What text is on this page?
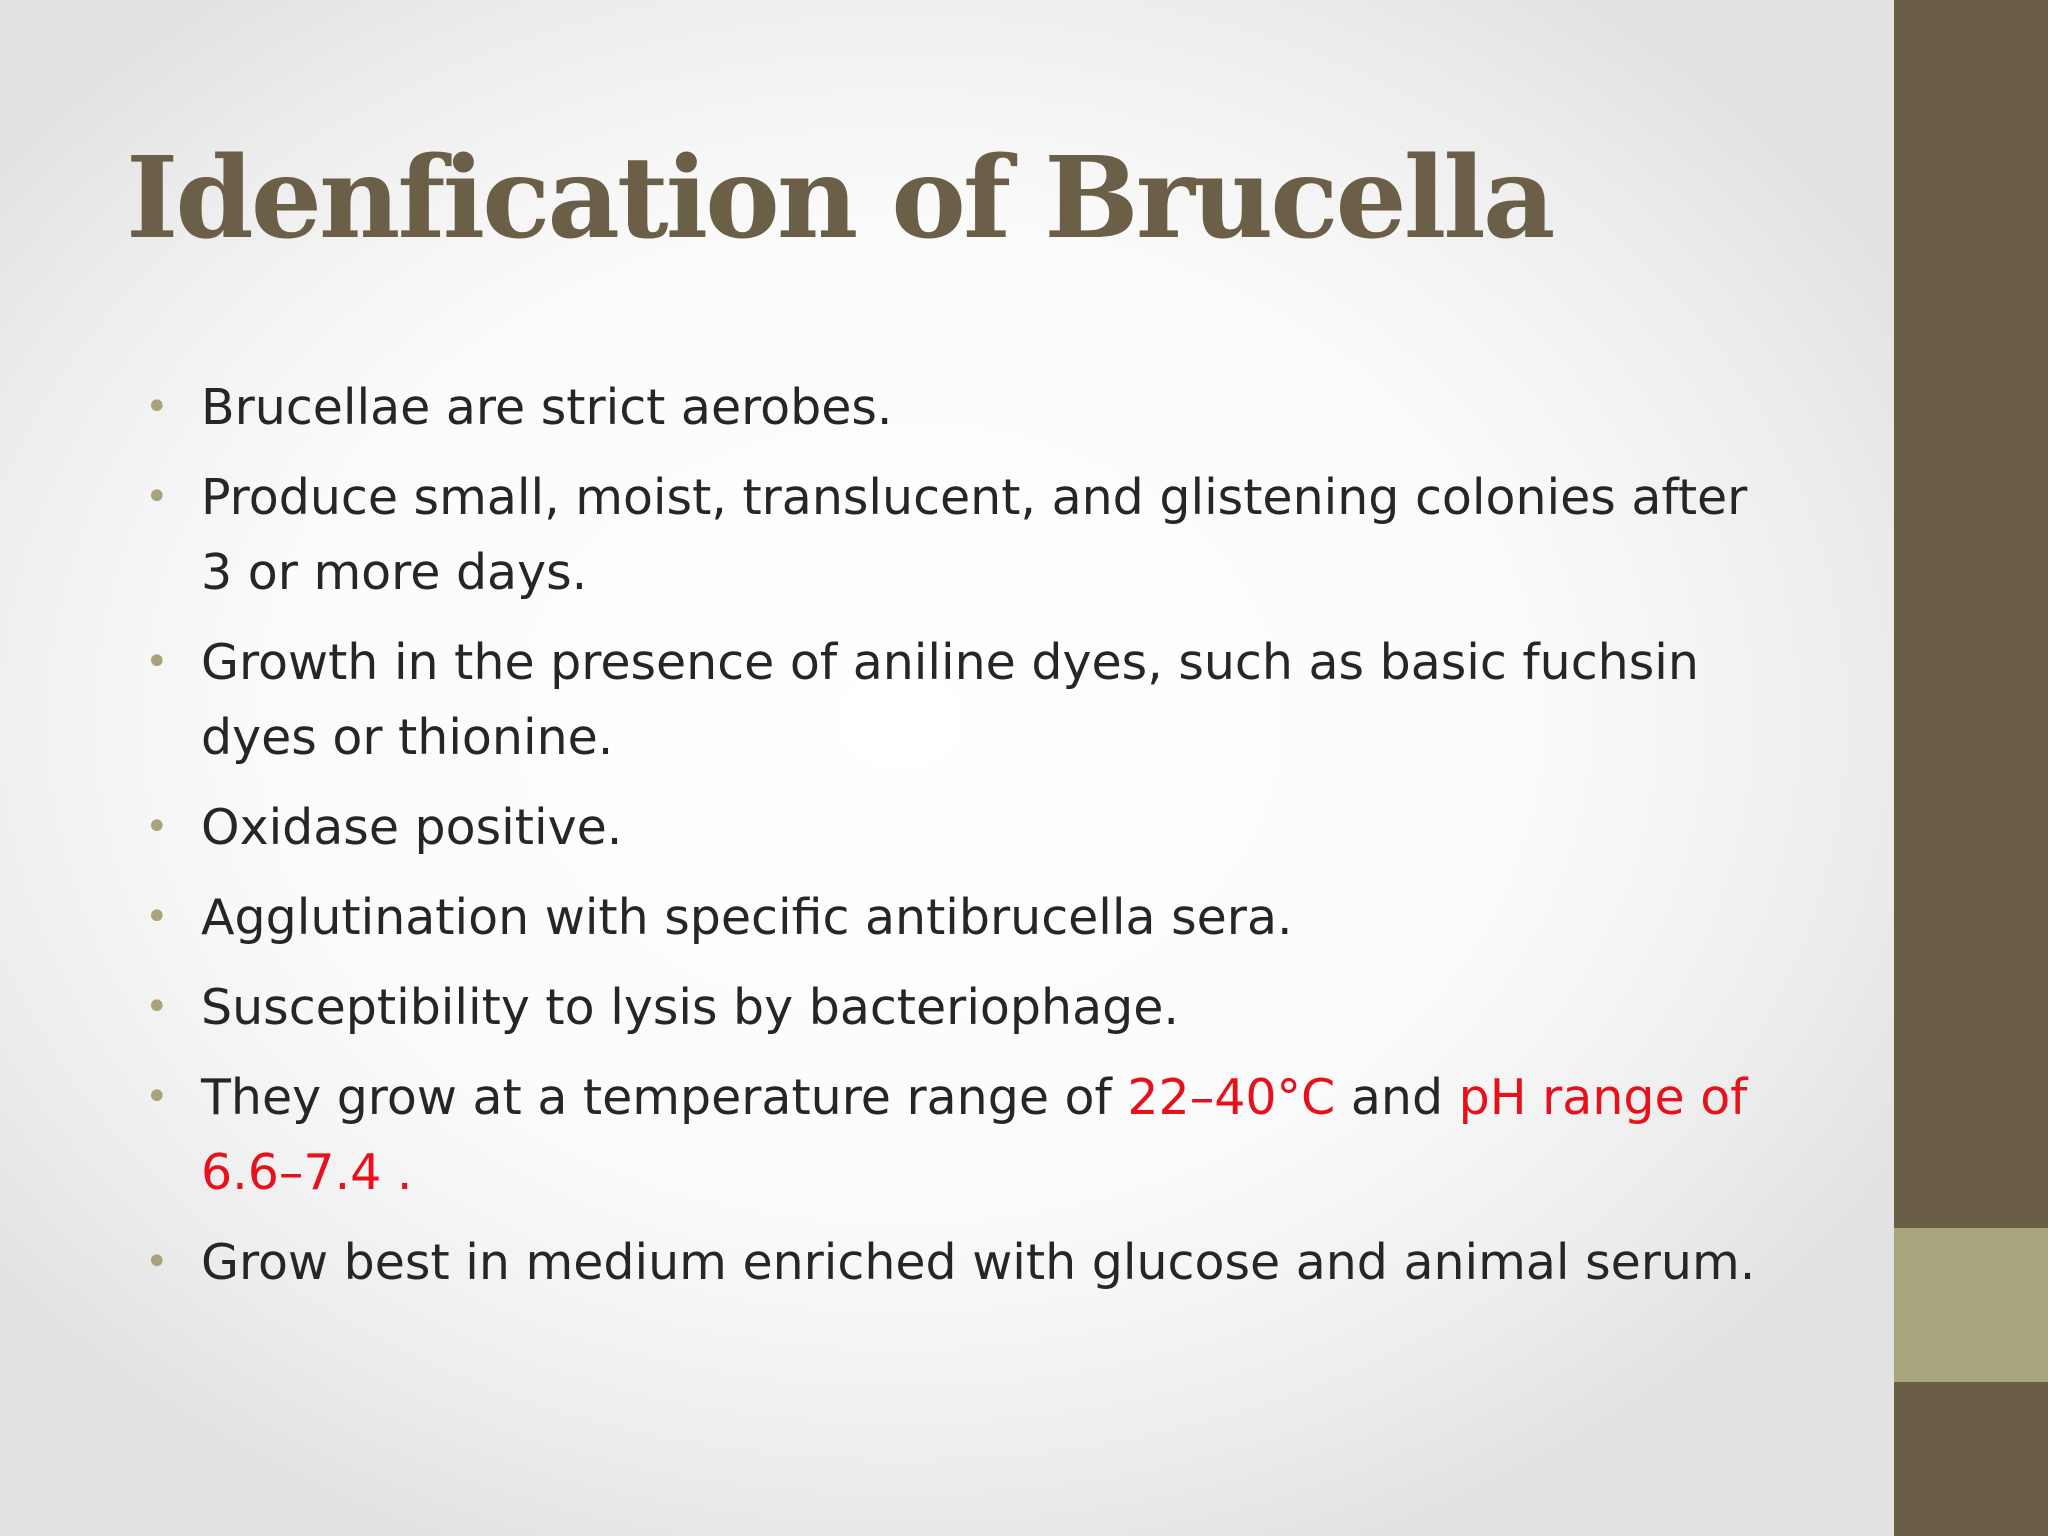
Idenfication of Brucella
• Brucellae are strict aerobes.
• Produce small, moist, translucent, and glistening colonies after 3 or more days.
• Growth in the presence of aniline dyes, such as basic fuchsin dyes or thionine.
• Oxidase positive.
• Agglutination with specific antibrucella sera.
• Susceptibility to lysis by bacteriophage.
• They grow at a temperature range of 22–40°C and pH range of 6.6–7.4 .
• Grow best in medium enriched with glucose and animal serum.
